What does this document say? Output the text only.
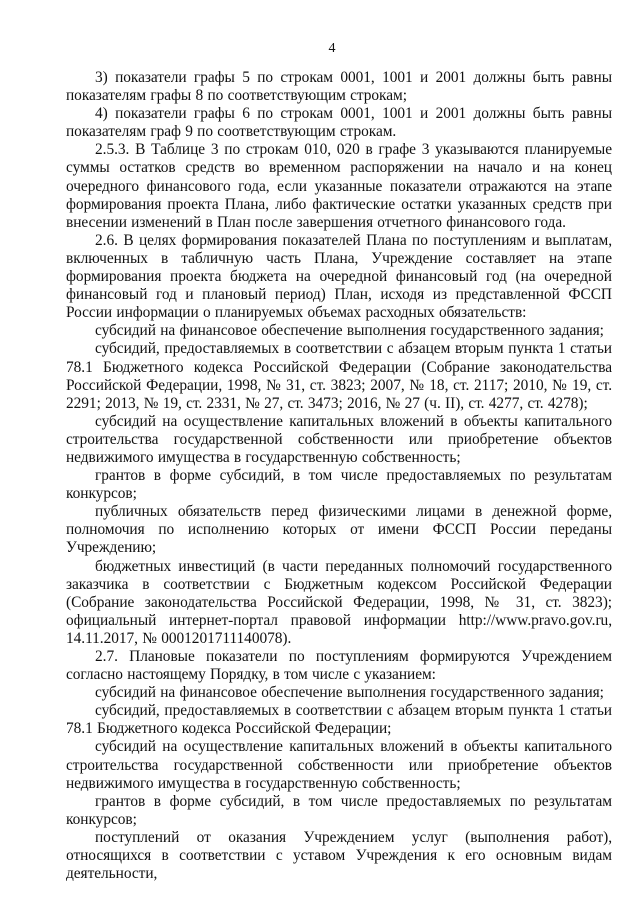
4

3) показатели графы 5 по строкам 0001, 1001 и 2001 должны быть равны показателям графы 8 по соответствующим строкам;

4) показатели графы 6 по строкам 0001, 1001 и 2001 должны быть равны показателям граф 9 по соответствующим строкам.

2.5.3. В Таблице 3 по строкам 010, 020 в графе 3 указываются планируемые суммы остатков средств во временном распоряжении на начало и на конец очередного финансового года, если указанные показатели отражаются на этапе формирования проекта Плана, либо фактические остатки указанных средств при внесении изменений в План после завершения отчетного финансового года.

2.6. В целях формирования показателей Плана по поступлениям и выплатам, включенных в табличную часть Плана, Учреждение составляет на этапе формирования проекта бюджета на очередной финансовый год (на очередной финансовый год и плановый период) План, исходя из представленной ФССП России информации о планируемых объемах расходных обязательств:

субсидий на финансовое обеспечение выполнения государственного задания;

субсидий, предоставляемых в соответствии с абзацем вторым пункта 1 статьи 78.1 Бюджетного кодекса Российской Федерации (Собрание законодательства Российской Федерации, 1998, № 31, ст. 3823; 2007, № 18, ст. 2117; 2010, № 19, ст. 2291; 2013, № 19, ст. 2331, № 27, ст. 3473; 2016, № 27 (ч. II), ст. 4277, ст. 4278);

субсидий на осуществление капитальных вложений в объекты капитального строительства государственной собственности или приобретение объектов недвижимого имущества в государственную собственность;

грантов в форме субсидий, в том числе предоставляемых по результатам конкурсов;

публичных обязательств перед физическими лицами в денежной форме, полномочия по исполнению которых от имени ФССП России переданы Учреждению;

бюджетных инвестиций (в части переданных полномочий государственного заказчика в соответствии с Бюджетным кодексом Российской Федерации (Собрание законодательства Российской Федерации, 1998, № 31, ст. 3823); официальный интернет-портал правовой информации http://www.pravo.gov.ru, 14.11.2017, № 0001201711140078).

2.7. Плановые показатели по поступлениям формируются Учреждением согласно настоящему Порядку, в том числе с указанием:

субсидий на финансовое обеспечение выполнения государственного задания;

субсидий, предоставляемых в соответствии с абзацем вторым пункта 1 статьи 78.1 Бюджетного кодекса Российской Федерации;

субсидий на осуществление капитальных вложений в объекты капитального строительства государственной собственности или приобретение объектов недвижимого имущества в государственную собственность;

грантов в форме субсидий, в том числе предоставляемых по результатам конкурсов;

поступлений от оказания Учреждением услуг (выполнения работ), относящихся в соответствии с уставом Учреждения к его основным видам деятельности,
